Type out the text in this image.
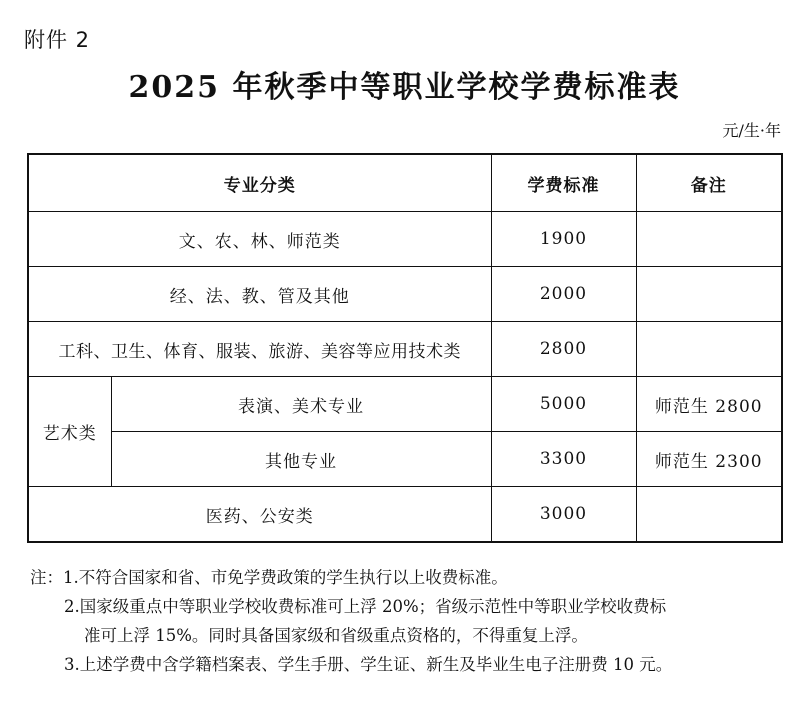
附件 2
2025 年秋季中等职业学校学费标准表
元/生·年
专业分类		学费标准	备注
文、农、林、师范类		1900	
经、法、教、管及其他		2000	
工科、卫生、体育、服装、旅游、美容等应用技术类		2800	
艺术类	表演、美术专业	5000	师范生 2800
	其他专业	3300	师范生 2300
医药、公安类		3000	
注：1.不符合国家和省、市免学费政策的学生执行以上收费标准。
2.国家级重点中等职业学校收费标准可上浮 20%；省级示范性中等职业学校收费标
准可上浮 15%。同时具备国家级和省级重点资格的，不得重复上浮。
3.上述学费中含学籍档案表、学生手册、学生证、新生及毕业生电子注册费 10 元。
